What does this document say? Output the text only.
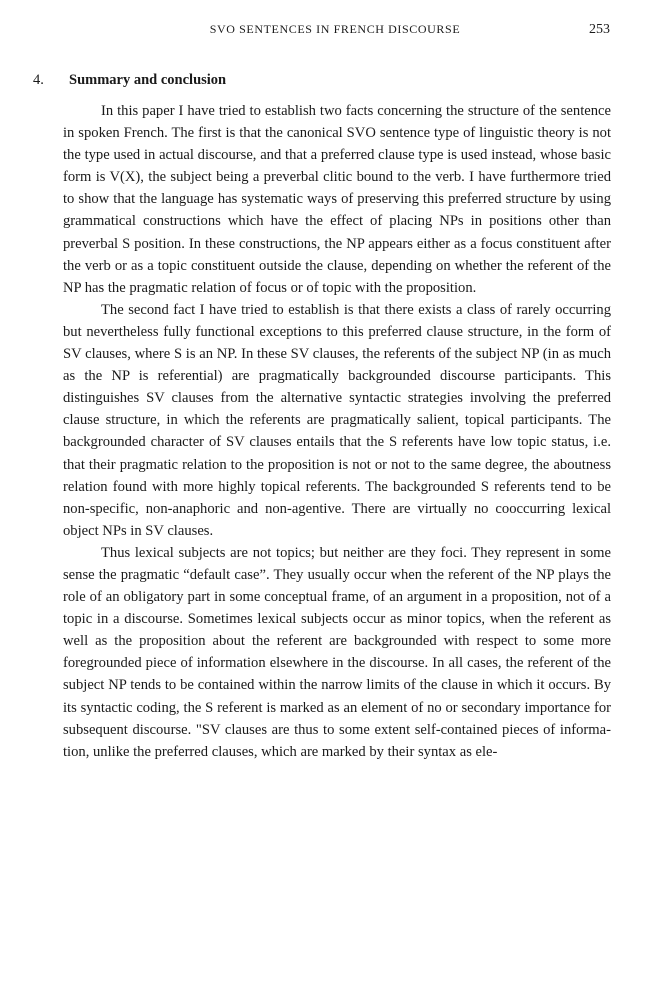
SVO SENTENCES IN FRENCH DISCOURSE	253
4. Summary and conclusion

In this paper I have tried to establish two facts concerning the structure of the sentence in spoken French. The first is that the canonical SVO sentence type of linguistic theory is not the type used in actual discourse, and that a preferred clause type is used instead, whose basic form is V(X), the subject being a preverbal clitic bound to the verb. I have furthermore tried to show that the language has systematic ways of preserving this preferred structure by using grammatical constructions which have the effect of placing NPs in positions other than preverbal S position. In these constructions, the NP appears either as a focus constituent after the verb or as a topic constituent outside the clause, depending on whether the referent of the NP has the pragmatic relation of focus or of topic with the proposition.

The second fact I have tried to establish is that there exists a class of rarely occurring but nevertheless fully functional exceptions to this preferred clause structure, in the form of SV clauses, where S is an NP. In these SV clauses, the referents of the subject NP (in as much as the NP is referential) are pragmatically backgrounded discourse participants. This distinguishes SV clauses from the alternative syntactic strategies involving the preferred clause structure, in which the referents are pragmatically salient, topical participants. The backgrounded character of SV clauses entails that the S referents have low topic status, i.e. that their pragmatic relation to the proposition is not or not to the same degree, the aboutness relation found with more highly topical referents. The backgrounded S referents tend to be non-specific, non-anaphoric and non-agentive. There are virtually no cooccurring lexical object NPs in SV clauses.

Thus lexical subjects are not topics; but neither are they foci. They represent in some sense the pragmatic “default case”. They usually occur when the referent of the NP plays the role of an obligatory part in some conceptual frame, of an argument in a proposition, not of a topic in a discourse. Sometimes lexical subjects occur as minor topics, when the referent as well as the proposition about the referent are backgrounded with respect to some more foregrounded piece of information elsewhere in the discourse. In all cases, the referent of the subject NP tends to be contained within the narrow limits of the clause in which it occurs. By its syntactic coding, the S referent is marked as an element of no or secondary importance for subsequent discourse. "SV clauses are thus to some extent self-contained pieces of information, unlike the preferred clauses, which are marked by their syntax as ele-
